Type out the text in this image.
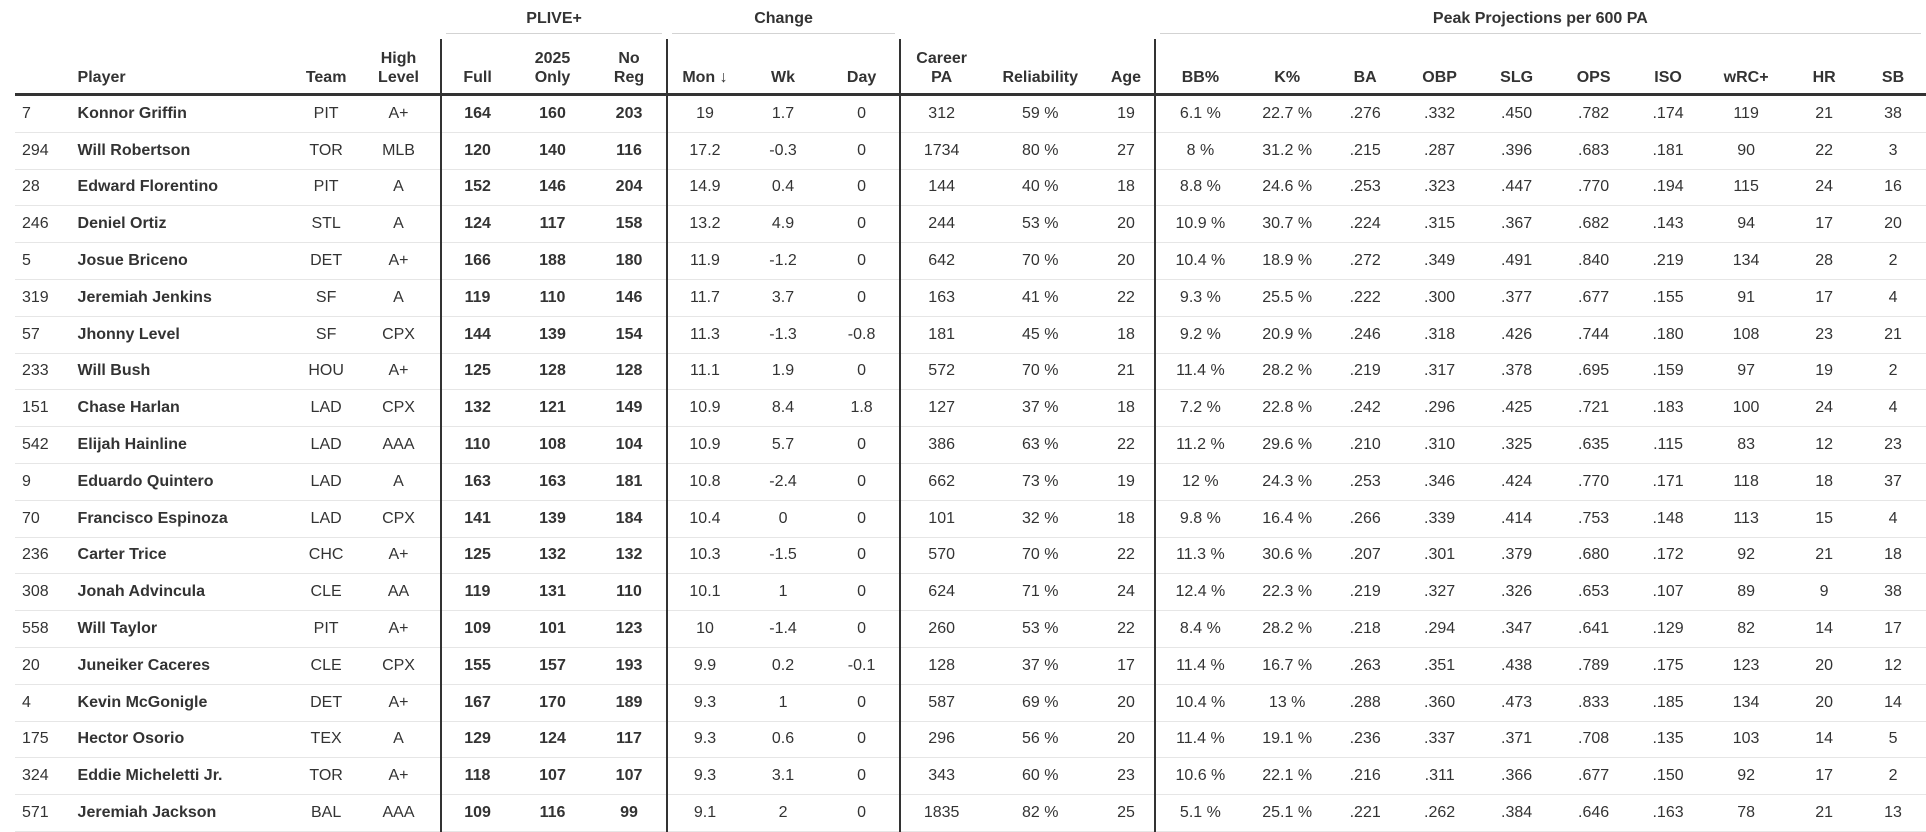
				PLIVE+			Change						Peak Projections per 600 PA									

	Player	Team	High
Level	Full	2025
Only	No
Reg	Mon ↓	Wk	Day	Career
PA	Reliability	Age	BB%	K%	BA	OBP	SLG	OPS	ISO	wRC+	HR	SB
7	Konnor Griffin	PIT	A+	164	160	203	19	1.7	0	312	59 %	19	6.1 %	22.7 %	.276	.332	.450	.782	.174	119	21	38
294	Will Robertson	TOR	MLB	120	140	116	17.2	-0.3	0	1734	80 %	27	8 %	31.2 %	.215	.287	.396	.683	.181	90	22	3
28	Edward Florentino	PIT	A	152	146	204	14.9	0.4	0	144	40 %	18	8.8 %	24.6 %	.253	.323	.447	.770	.194	115	24	16
246	Deniel Ortiz	STL	A	124	117	158	13.2	4.9	0	244	53 %	20	10.9 %	30.7 %	.224	.315	.367	.682	.143	94	17	20
5	Josue Briceno	DET	A+	166	188	180	11.9	-1.2	0	642	70 %	20	10.4 %	18.9 %	.272	.349	.491	.840	.219	134	28	2
319	Jeremiah Jenkins	SF	A	119	110	146	11.7	3.7	0	163	41 %	22	9.3 %	25.5 %	.222	.300	.377	.677	.155	91	17	4
57	Jhonny Level	SF	CPX	144	139	154	11.3	-1.3	-0.8	181	45 %	18	9.2 %	20.9 %	.246	.318	.426	.744	.180	108	23	21
233	Will Bush	HOU	A+	125	128	128	11.1	1.9	0	572	70 %	21	11.4 %	28.2 %	.219	.317	.378	.695	.159	97	19	2
151	Chase Harlan	LAD	CPX	132	121	149	10.9	8.4	1.8	127	37 %	18	7.2 %	22.8 %	.242	.296	.425	.721	.183	100	24	4
542	Elijah Hainline	LAD	AAA	110	108	104	10.9	5.7	0	386	63 %	22	11.2 %	29.6 %	.210	.310	.325	.635	.115	83	12	23
9	Eduardo Quintero	LAD	A	163	163	181	10.8	-2.4	0	662	73 %	19	12 %	24.3 %	.253	.346	.424	.770	.171	118	18	37
70	Francisco Espinoza	LAD	CPX	141	139	184	10.4	0	0	101	32 %	18	9.8 %	16.4 %	.266	.339	.414	.753	.148	113	15	4
236	Carter Trice	CHC	A+	125	132	132	10.3	-1.5	0	570	70 %	22	11.3 %	30.6 %	.207	.301	.379	.680	.172	92	21	18
308	Jonah Advincula	CLE	AA	119	131	110	10.1	1	0	624	71 %	24	12.4 %	22.3 %	.219	.327	.326	.653	.107	89	9	38
558	Will Taylor	PIT	A+	109	101	123	10	-1.4	0	260	53 %	22	8.4 %	28.2 %	.218	.294	.347	.641	.129	82	14	17
20	Juneiker Caceres	CLE	CPX	155	157	193	9.9	0.2	-0.1	128	37 %	17	11.4 %	16.7 %	.263	.351	.438	.789	.175	123	20	12
4	Kevin McGonigle	DET	A+	167	170	189	9.3	1	0	587	69 %	20	10.4 %	13 %	.288	.360	.473	.833	.185	134	20	14
175	Hector Osorio	TEX	A	129	124	117	9.3	0.6	0	296	56 %	20	11.4 %	19.1 %	.236	.337	.371	.708	.135	103	14	5
324	Eddie Micheletti Jr.	TOR	A+	118	107	107	9.3	3.1	0	343	60 %	23	10.6 %	22.1 %	.216	.311	.366	.677	.150	92	17	2
571	Jeremiah Jackson	BAL	AAA	109	116	99	9.1	2	0	1835	82 %	25	5.1 %	25.1 %	.221	.262	.384	.646	.163	78	21	13
